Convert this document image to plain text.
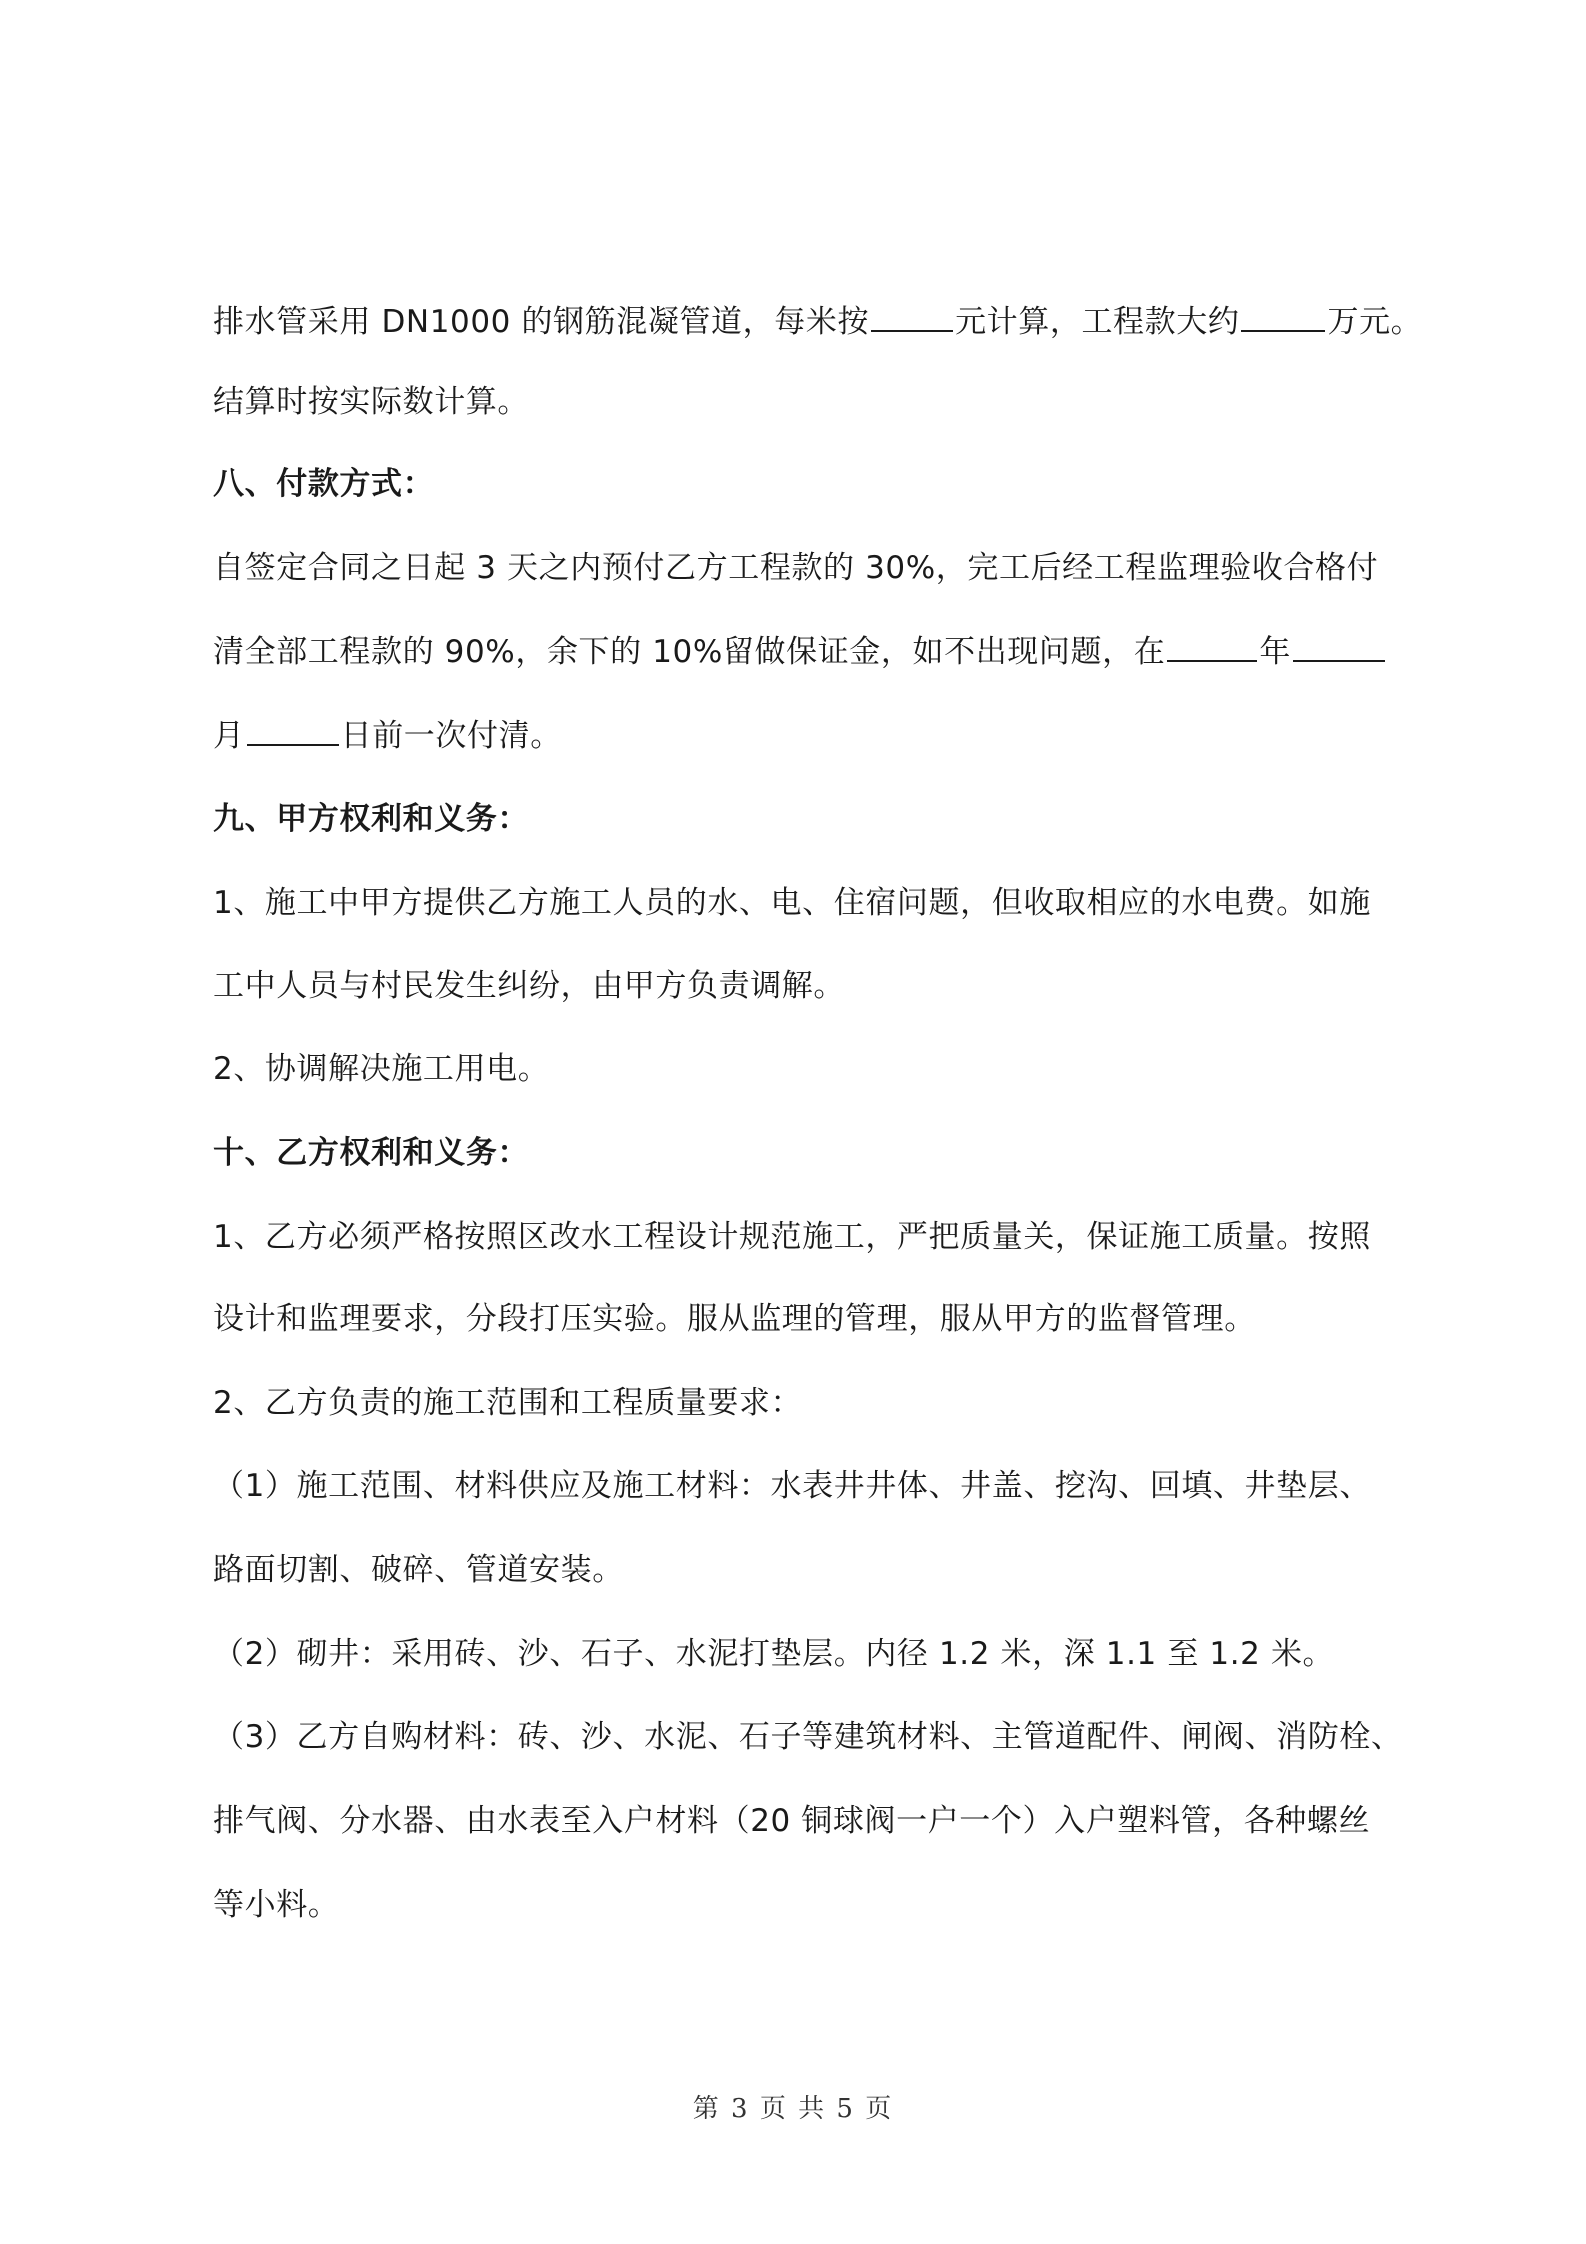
排水管采用 DN1000 的钢筋混凝管道，每米按	元计算，工程款大约	万元。
结算时按实际数计算。
八、付款方式：
自签定合同之日起 3 天之内预付乙方工程款的 30%，完工后经工程监理验收合格付
清全部工程款的 90%，余下的 10%留做保证金，如不出现问题，在	年
月	日前一次付清。
九、甲方权利和义务：
1、施工中甲方提供乙方施工人员的水、电、住宿问题，但收取相应的水电费。如施
工中人员与村民发生纠纷，由甲方负责调解。
2、协调解决施工用电。
十、乙方权利和义务：
1、乙方必须严格按照区改水工程设计规范施工，严把质量关，保证施工质量。按照
设计和监理要求，分段打压实验。服从监理的管理，服从甲方的监督管理。
2、乙方负责的施工范围和工程质量要求：
（1）施工范围、材料供应及施工材料：水表井井体、井盖、挖沟、回填、井垫层、
路面切割、破碎、管道安装。
（2）砌井：采用砖、沙、石子、水泥打垫层。内径 1.2 米，深 1.1 至 1.2 米。
（3）乙方自购材料：砖、沙、水泥、石子等建筑材料、主管道配件、闸阀、消防栓、
排气阀、分水器、由水表至入户材料（20 铜球阀一户一个）入户塑料管，各种螺丝
等小料。
第 3 页 共 5 页
